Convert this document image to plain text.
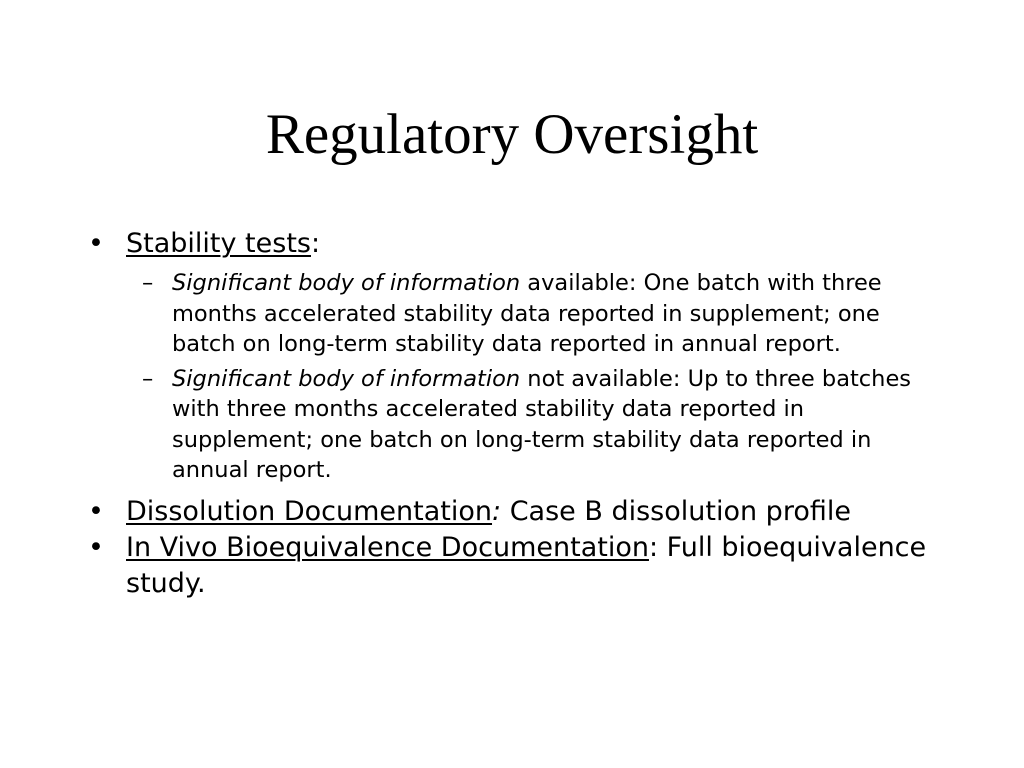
Regulatory Oversight
• Stability tests:
– Significant body of information available: One batch with three months accelerated stability data reported in supplement; one batch on long-term stability data reported in annual report.
– Significant body of information not available: Up to three batches with three months accelerated stability data reported in supplement; one batch on long-term stability data reported in annual report.
• Dissolution Documentation: Case B dissolution profile
• In Vivo Bioequivalence Documentation: Full bioequivalence study.
